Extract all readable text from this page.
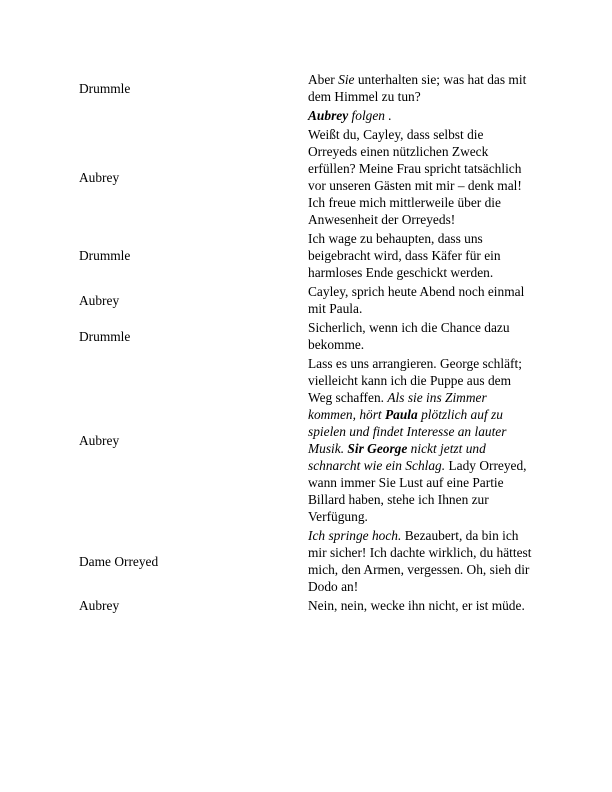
Drummle
Aber Sie unterhalten sie; was hat das mit dem Himmel zu tun?
Aubrey folgen .
Aubrey
Weißt du, Cayley, dass selbst die Orreyeds einen nützlichen Zweck erfüllen? Meine Frau spricht tatsächlich vor unseren Gästen mit mir – denk mal! Ich freue mich mittlerweile über die Anwesenheit der Orreyeds!
Drummle
Ich wage zu behaupten, dass uns beigebracht wird, dass Käfer für ein harmloses Ende geschickt werden.
Aubrey
Cayley, sprich heute Abend noch einmal mit Paula.
Drummle
Sicherlich, wenn ich die Chance dazu bekomme.
Aubrey
Lass es uns arrangieren. George schläft; vielleicht kann ich die Puppe aus dem Weg schaffen. Als sie ins Zimmer kommen, hört Paula plötzlich auf zu spielen und findet Interesse an lauter Musik. Sir George nickt jetzt und schnarcht wie ein Schlag. Lady Orreyed, wann immer Sie Lust auf eine Partie Billard haben, stehe ich Ihnen zur Verfügung.
Dame Orreyed
Ich springe hoch. Bezaubert, da bin ich mir sicher! Ich dachte wirklich, du hättest mich, den Armen, vergessen. Oh, sieh dir Dodo an!
Aubrey	Nein, nein, wecke ihn nicht, er ist müde.
